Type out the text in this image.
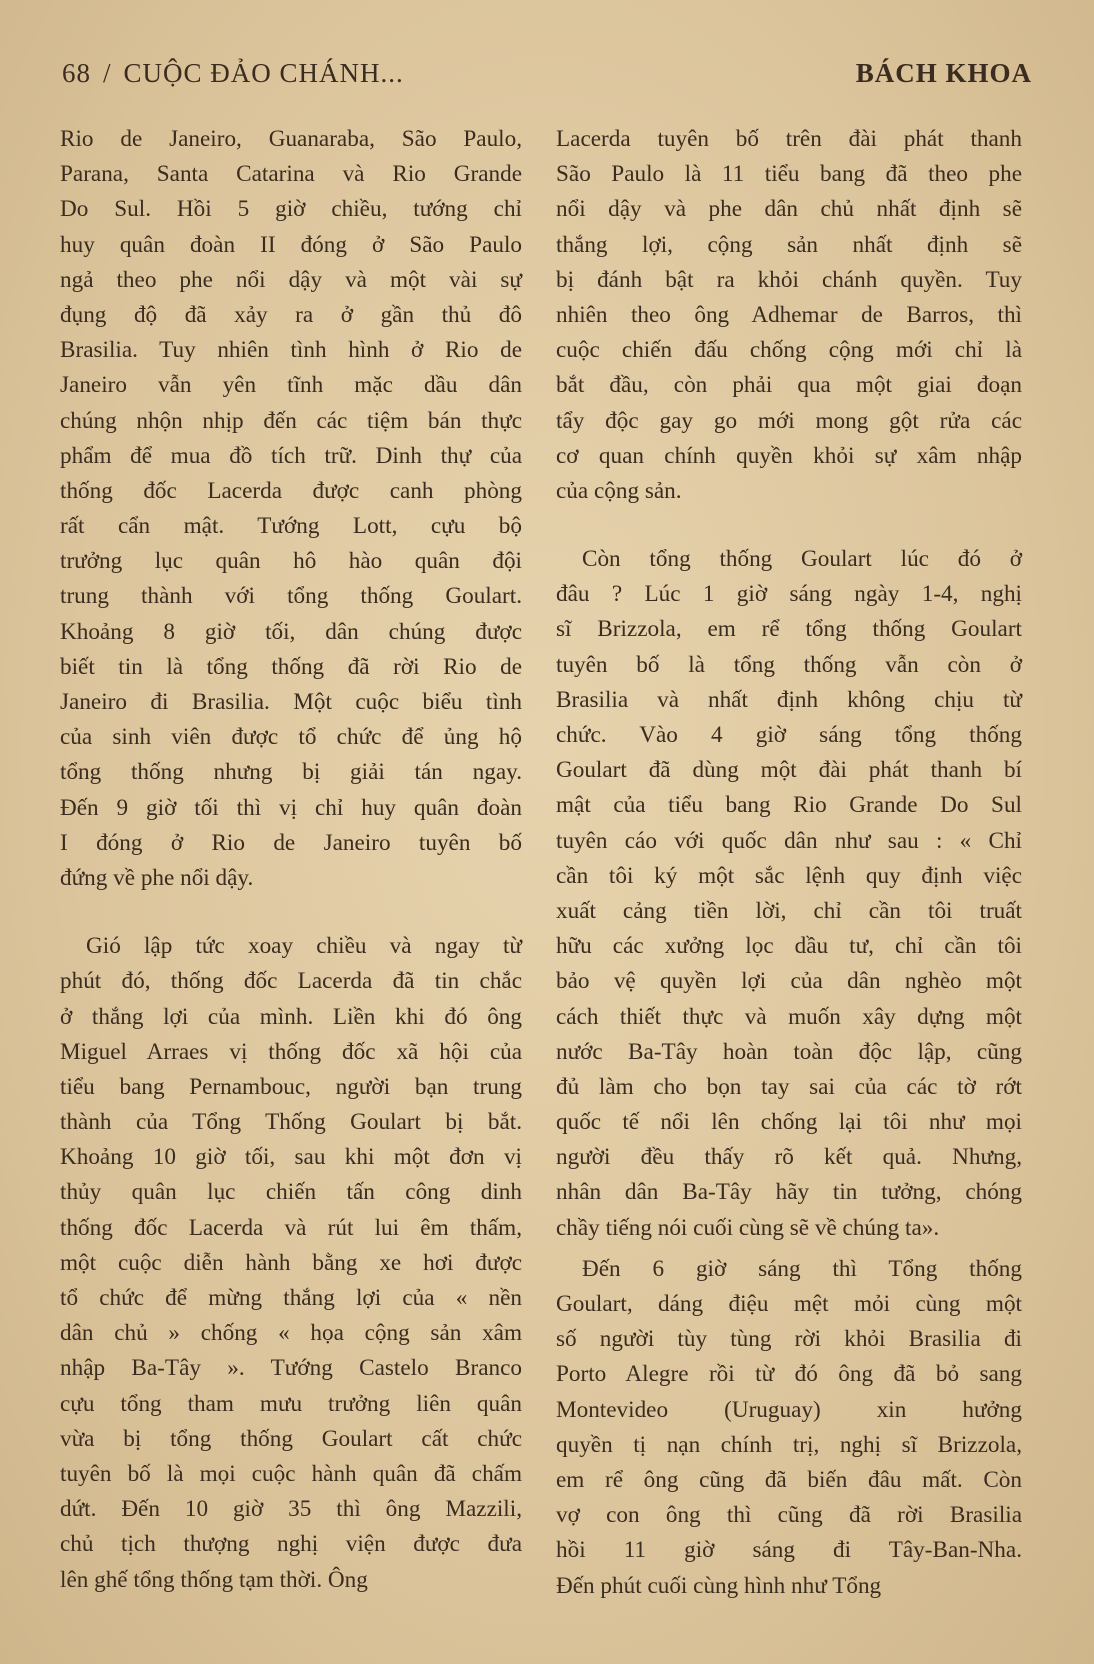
68 / CUỘC ĐẢO CHÁNH...	BÁCH KHOA
Rio de Janeiro, Guanaraba, São Paulo,
Parana, Santa Catarina và Rio Grande
Do Sul. Hồi 5 giờ chiều, tướng chỉ
huy quân đoàn II đóng ở São Paulo
ngả theo phe nổi dậy và một vài sự
đụng độ đã xảy ra ở gần thủ đô
Brasilia. Tuy nhiên tình hình ở Rio de
Janeiro vẫn yên tĩnh mặc dầu dân
chúng nhộn nhịp đến các tiệm bán thực
phẩm để mua đồ tích trữ. Dinh thự của
thống đốc Lacerda được canh phòng
rất cẩn mật. Tướng Lott, cựu bộ
trưởng lục quân hô hào quân đội
trung thành với tổng thống Goulart.
Khoảng 8 giờ tối, dân chúng được
biết tin là tổng thống đã rời Rio de
Janeiro đi Brasilia. Một cuộc biểu tình
của sinh viên được tổ chức để ủng hộ
tổng thống nhưng bị giải tán ngay.
Đến 9 giờ tối thì vị chỉ huy quân đoàn
I đóng ở Rio de Janeiro tuyên bố
đứng về phe nổi dậy.
Gió lập tức xoay chiều và ngay từ
phút đó, thống đốc Lacerda đã tin chắc
ở thắng lợi của mình. Liền khi đó ông
Miguel Arraes vị thống đốc xã hội của
tiểu bang Pernambouc, người bạn trung
thành của Tổng Thống Goulart bị bắt.
Khoảng 10 giờ tối, sau khi một đơn vị
thủy quân lục chiến tấn công dinh
thống đốc Lacerda và rút lui êm thấm,
một cuộc diễn hành bằng xe hơi được
tổ chức để mừng thắng lợi của « nền
dân chủ » chống « họa cộng sản xâm
nhập Ba-Tây ». Tướng Castelo Branco
cựu tổng tham mưu trưởng liên quân
vừa bị tổng thống Goulart cất chức
tuyên bố là mọi cuộc hành quân đã chấm
dứt. Đến 10 giờ 35 thì ông Mazzili,
chủ tịch thượng nghị viện được đưa
lên ghế tổng thống tạm thời. Ông
Lacerda tuyên bố trên đài phát thanh
São Paulo là 11 tiểu bang đã theo phe
nổi dậy và phe dân chủ nhất định sẽ
thắng lợi, cộng sản nhất định sẽ
bị đánh bật ra khỏi chánh quyền. Tuy
nhiên theo ông Adhemar de Barros, thì
cuộc chiến đấu chống cộng mới chỉ là
bắt đầu, còn phải qua một giai đoạn
tẩy độc gay go mới mong gột rửa các
cơ quan chính quyền khỏi sự xâm nhập
của cộng sản.
Còn tổng thống Goulart lúc đó ở
đâu ? Lúc 1 giờ sáng ngày 1-4, nghị
sĩ Brizzola, em rể tổng thống Goulart
tuyên bố là tổng thống vẫn còn ở
Brasilia và nhất định không chịu từ
chức. Vào 4 giờ sáng tổng thống
Goulart đã dùng một đài phát thanh bí
mật của tiểu bang Rio Grande Do Sul
tuyên cáo với quốc dân như sau : « Chỉ
cần tôi ký một sắc lệnh quy định việc
xuất cảng tiền lời, chỉ cần tôi truất
hữu các xưởng lọc dầu tư, chỉ cần tôi
bảo vệ quyền lợi của dân nghèo một
cách thiết thực và muốn xây dựng một
nước Ba-Tây hoàn toàn độc lập, cũng
đủ làm cho bọn tay sai của các tờ rớt
quốc tế nổi lên chống lại tôi như mọi
người đều thấy rõ kết quả. Nhưng,
nhân dân Ba-Tây hãy tin tưởng, chóng
chầy tiếng nói cuối cùng sẽ về chúng ta».
Đến 6 giờ sáng thì Tổng thống
Goulart, dáng điệu mệt mỏi cùng một
số người tùy tùng rời khỏi Brasilia đi
Porto Alegre rồi từ đó ông đã bỏ sang
Montevideo (Uruguay) xin hưởng
quyền tị nạn chính trị, nghị sĩ Brizzola,
em rể ông cũng đã biến đâu mất. Còn
vợ con ông thì cũng đã rời Brasilia
hồi 11 giờ sáng đi Tây-Ban-Nha.
Đến phút cuối cùng hình như Tổng
